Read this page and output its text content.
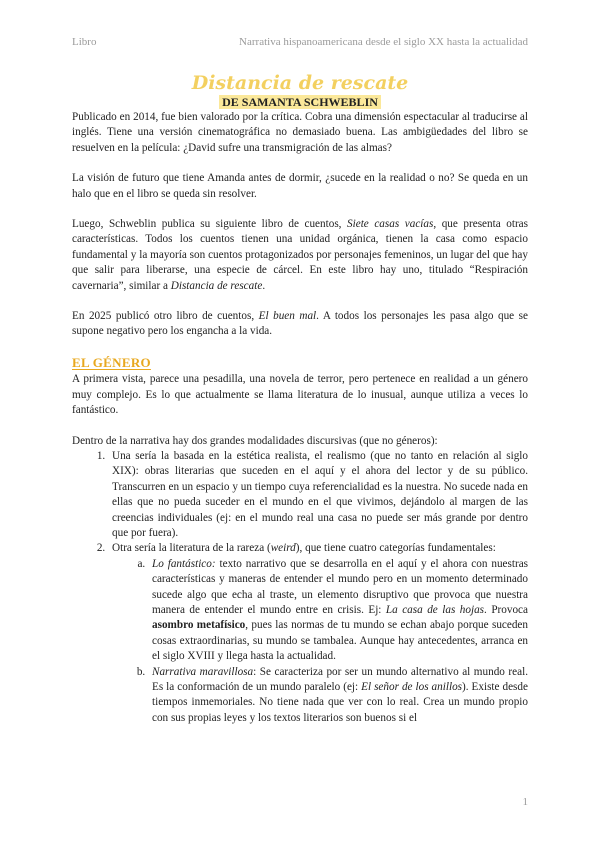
Libro	Narrativa hispanoamericana desde el siglo XX hasta la actualidad
Distancia de rescate
DE SAMANTA SCHWEBLIN

Publicado en 2014, fue bien valorado por la crítica. Cobra una dimensión espectacular al traducirse al inglés. Tiene una versión cinematográfica no demasiado buena. Las ambigüedades del libro se resuelven en la película: ¿David sufre una transmigración de las almas?

La visión de futuro que tiene Amanda antes de dormir, ¿sucede en la realidad o no? Se queda en un halo que en el libro se queda sin resolver.

Luego, Schweblin publica su siguiente libro de cuentos, Siete casas vacías, que presenta otras características. Todos los cuentos tienen una unidad orgánica, tienen la casa como espacio fundamental y la mayoría son cuentos protagonizados por personajes femeninos, un lugar del que hay que salir para liberarse, una especie de cárcel. En este libro hay uno, titulado “Respiración cavernaria”, similar a Distancia de rescate.

En 2025 publicó otro libro de cuentos, El buen mal. A todos los personajes les pasa algo que se supone negativo pero los engancha a la vida.

EL GÉNERO

A primera vista, parece una pesadilla, una novela de terror, pero pertenece en realidad a un género muy complejo. Es lo que actualmente se llama literatura de lo inusual, aunque utiliza a veces lo fantástico.

Dentro de la narrativa hay dos grandes modalidades discursivas (que no géneros):

1. Una sería la basada en la estética realista, el realismo (que no tanto en relación al siglo XIX): obras literarias que suceden en el aquí y el ahora del lector y de su público. Transcurren en un espacio y un tiempo cuya referencialidad es la nuestra. No sucede nada en ellas que no pueda suceder en el mundo en el que vivimos, dejándolo al margen de las creencias individuales (ej: en el mundo real una casa no puede ser más grande por dentro que por fuera).
2. Otra sería la literatura de la rareza (weird), que tiene cuatro categorías fundamentales:
a. Lo fantástico: texto narrativo que se desarrolla en el aquí y el ahora con nuestras características y maneras de entender el mundo pero en un momento determinado sucede algo que echa al traste, un elemento disruptivo que provoca que nuestra manera de entender el mundo entre en crisis. Ej: La casa de las hojas. Provoca asombro metafísico, pues las normas de tu mundo se echan abajo porque suceden cosas extraordinarias, su mundo se tambalea. Aunque hay antecedentes, arranca en el siglo XVIII y llega hasta la actualidad.
b. Narrativa maravillosa: Se caracteriza por ser un mundo alternativo al mundo real. Es la conformación de un mundo paralelo (ej: El señor de los anillos). Existe desde tiempos inmemoriales. No tiene nada que ver con lo real. Crea un mundo propio con sus propias leyes y los textos literarios son buenos si el
1
